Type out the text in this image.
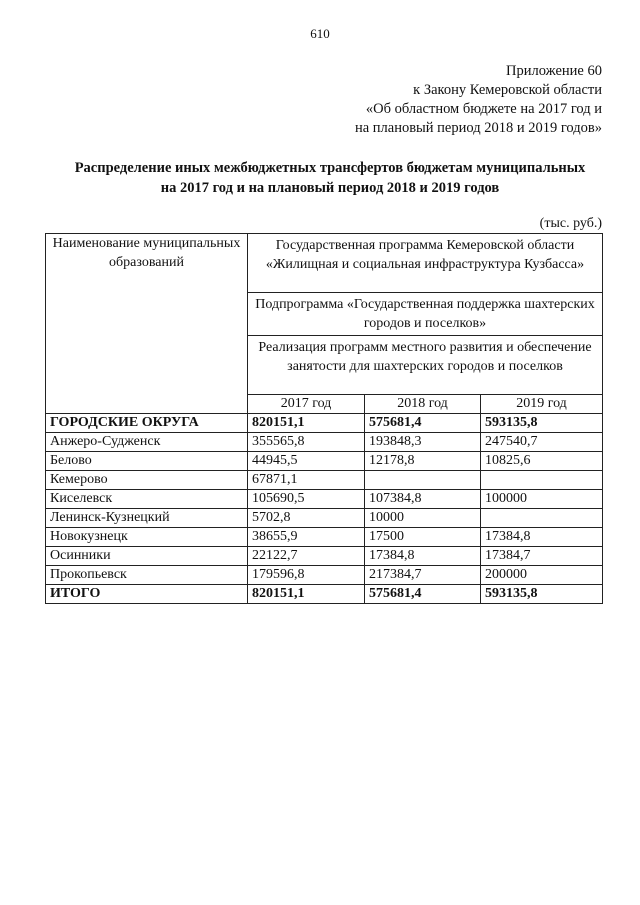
610
Приложение 60
к Закону Кемеровской области
«Об областном бюджете на 2017 год и
на плановый период 2018 и 2019 годов»
Распределение иных межбюджетных трансфертов бюджетам муниципальных
на 2017 год и на плановый период 2018 и 2019 годов
(тыс. руб.)
Наименование муниципальных образований	Государственная программа Кемеровской области «Жилищная и социальная инфраструктура Кузбасса»		
	Подпрограмма «Государственная поддержка шахтерских городов и поселков»		
	Реализация программ местного развития и обеспечение занятости для шахтерских городов и поселков		
	2017 год	2018 год	2019 год
ГОРОДСКИЕ ОКРУГА	820151,1	575681,4	593135,8
Анжеро-Судженск	355565,8	193848,3	247540,7
Белово	44945,5	12178,8	10825,6
Кемерово	67871,1		
Киселевск	105690,5	107384,8	100000
Ленинск-Кузнецкий	5702,8	10000	
Новокузнецк	38655,9	17500	17384,8
Осинники	22122,7	17384,8	17384,7
Прокопьевск	179596,8	217384,7	200000
ИТОГО	820151,1	575681,4	593135,8
